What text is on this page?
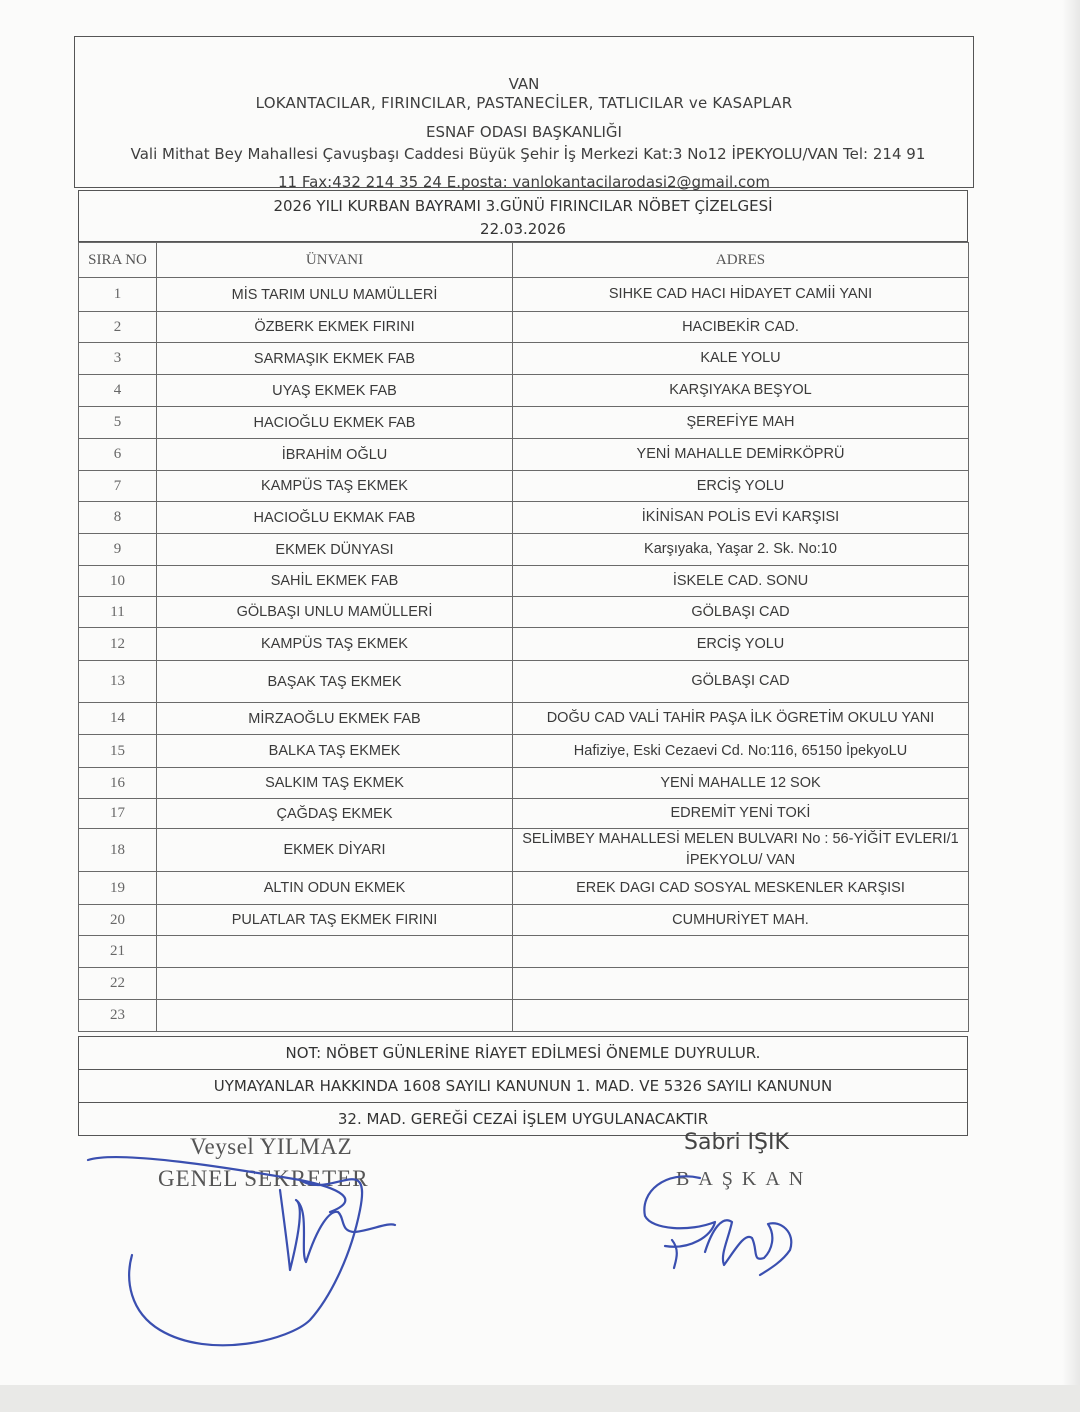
VAN
LOKANTACILAR, FIRINCILAR, PASTANECİLER, TATLICILAR ve KASAPLAR
ESNAF ODASI BAŞKANLIĞI
Vali Mithat Bey Mahallesi Çavuşbaşı Caddesi Büyük Şehir İş Merkezi Kat:3 No12 İPEKYOLU/VAN Tel: 214 91
11 Fax:432 214 35 24 E.posta: vanlokantacilarodasi2@gmail.com
2026 YILI KURBAN BAYRAMI 3.GÜNÜ FIRINCILAR NÖBET ÇİZELGESİ
22.03.2026
SIRA NO	ÜNVANI	ADRES
1	MİS TARIM UNLU MAMÜLLERİ	SIHKE CAD HACI HİDAYET CAMİİ YANI
2	ÖZBERK EKMEK FIRINI	HACIBEKİR CAD.
3	SARMAŞIK EKMEK FAB	KALE YOLU
4	UYAŞ EKMEK FAB	KARŞIYAKA BEŞYOL
5	HACIOĞLU EKMEK FAB	ŞEREFİYE MAH
6	İBRAHİM OĞLU	YENİ MAHALLE DEMİRKÖPRÜ
7	KAMPÜS TAŞ EKMEK	ERCİŞ YOLU
8	HACIOĞLU EKMAK FAB	İKİNİSAN POLİS EVİ KARŞISI
9	EKMEK DÜNYASI	Karşıyaka, Yaşar 2. Sk. No:10
10	SAHİL EKMEK FAB	İSKELE CAD. SONU
11	GÖLBAŞI UNLU MAMÜLLERİ	GÖLBAŞI CAD
12	KAMPÜS TAŞ EKMEK	ERCİŞ YOLU
13	BAŞAK TAŞ EKMEK	GÖLBAŞI CAD
14	MİRZAOĞLU EKMEK FAB	DOĞU CAD VALİ TAHİR PAŞA İLK ÖGRETİM OKULU YANI
15	BALKA TAŞ EKMEK	Hafiziye, Eski Cezaevi Cd. No:116, 65150 İpekyoLU
16	SALKIM TAŞ EKMEK	YENİ MAHALLE 12 SOK
17	ÇAĞDAŞ EKMEK	EDREMİT YENİ TOKİ
18	EKMEK DİYARI	SELİMBEY MAHALLESİ MELEN BULVARI No : 56-YİĞİT EVLERI/1 İPEKYOLU/ VAN
19	ALTIN ODUN EKMEK	EREK DAGI CAD SOSYAL MESKENLER KARŞISI
20	PULATLAR TAŞ EKMEK FIRINI	CUMHURİYET MAH.
21		
22		
23		
NOT: NÖBET GÜNLERİNE RİAYET EDİLMESİ ÖNEMLE DUYRULUR.
UYMAYANLAR HAKKINDA 1608 SAYILI KANUNUN 1. MAD. VE 5326 SAYILI KANUNUN
32. MAD. GEREĞİ CEZAİ İŞLEM UYGULANACAKTIR
Veysel YILMAZ
GENEL SEKRETER
Sabri IŞIK
BAŞKAN
